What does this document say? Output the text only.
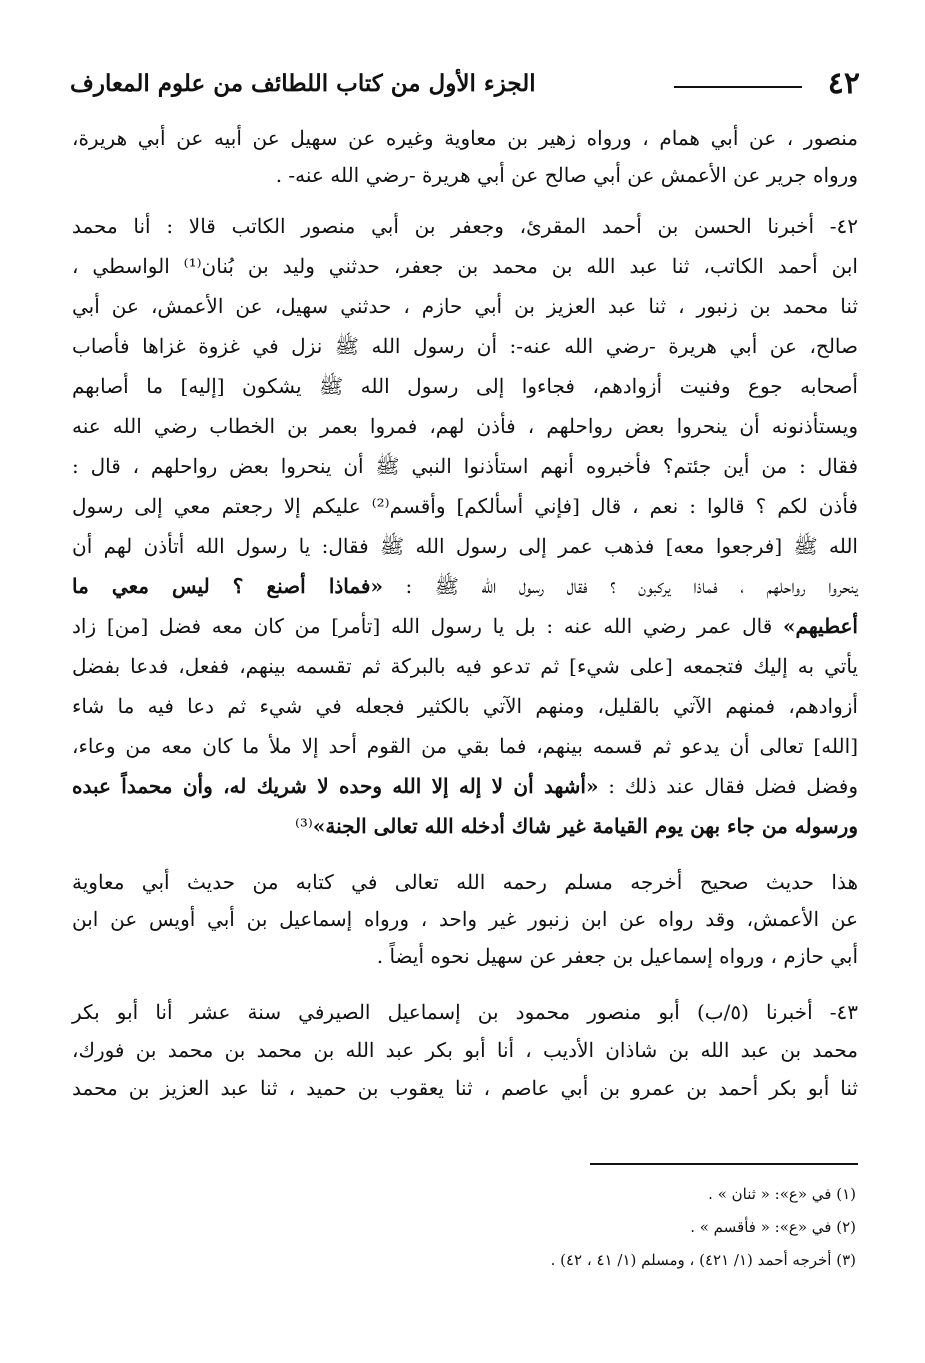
٤٢
الجزء الأول من كتاب اللطائف من علوم المعارف
منصور ، عن أبي همام ، ورواه زهير بن معاوية وغيره عن سهيل عن أبيه عن أبي هريرة،
ورواه جرير عن الأعمش عن أبي صالح عن أبي هريرة -رضي الله عنه- .
٤٢- أخبرنا الحسن بن أحمد المقرئ، وجعفر بن أبي منصور الكاتب قالا : أنا محمد
ابن أحمد الكاتب، ثنا عبد الله بن محمد بن جعفر، حدثني وليد بن بُنان⁽¹⁾ الواسطي ،
ثنا محمد بن زنبور ، ثنا عبد العزيز بن أبي حازم ، حدثني سهيل، عن الأعمش، عن أبي
صالح، عن أبي هريرة -رضي الله عنه-: أن رسول الله ﷺ نزل في غزوة غزاها فأصاب
أصحابه جوع وفنيت أزوادهم، فجاءوا إلى رسول الله ﷺ يشكون [إليه] ما أصابهم
ويستأذنونه أن ينحروا بعض رواحلهم ، فأذن لهم، فمروا بعمر بن الخطاب رضي الله عنه
فقال : من أين جئتم؟ فأخبروه أنهم استأذنوا النبي ﷺ أن ينحروا بعض رواحلهم ، قال :
فأذن لكم ؟ قالوا : نعم ، قال [فإني أسألكم] وأقسم⁽²⁾ عليكم إلا رجعتم معي إلى رسول
الله ﷺ [فرجعوا معه] فذهب عمر إلى رسول الله ﷺ فقال: يا رسول الله أتأذن لهم أن
ينحروا رواحلهم ، فماذا يركبون ؟ فقال رسول الله ﷺ : «فماذا أصنع ؟ ليس معي ما
أعطيهم» قال عمر رضي الله عنه : بل يا رسول الله [تأمر] من كان معه فضل [من] زاد
يأتي به إليك فتجمعه [على شيء] ثم تدعو فيه بالبركة ثم تقسمه بينهم، ففعل، فدعا بفضل
أزوادهم، فمنهم الآتي بالقليل، ومنهم الآتي بالكثير فجعله في شيء ثم دعا فيه ما شاء
[الله] تعالى أن يدعو ثم قسمه بينهم، فما بقي من القوم أحد إلا ملأ ما كان معه من وعاء،
وفضل فضل فقال عند ذلك : «أشهد أن لا إله إلا الله وحده لا شريك له، وأن محمداً عبده
ورسوله من جاء بهن يوم القيامة غير شاك أدخله الله تعالى الجنة»⁽³⁾
هذا حديث صحيح أخرجه مسلم رحمه الله تعالى في كتابه من حديث أبي معاوية
عن الأعمش، وقد رواه عن ابن زنبور غير واحد ، ورواه إسماعيل بن أبي أويس عن ابن
أبي حازم ، ورواه إسماعيل بن جعفر عن سهيل نحوه أيضاً .
٤٣- أخبرنا (٥/ب) أبو منصور محمود بن إسماعيل الصيرفي سنة عشر أنا أبو بكر
محمد بن عبد الله بن شاذان الأديب ، أنا أبو بكر عبد الله بن محمد بن محمد بن فورك،
ثنا أبو بكر أحمد بن عمرو بن أبي عاصم ، ثنا يعقوب بن حميد ، ثنا عبد العزيز بن محمد
(١) في «ع»: « ثنان » .
(٢) في «ع»: « فأقسم » .
(٣) أخرجه أحمد (١/ ٤٢١) ، ومسلم (١/ ٤١ ، ٤٢) .
